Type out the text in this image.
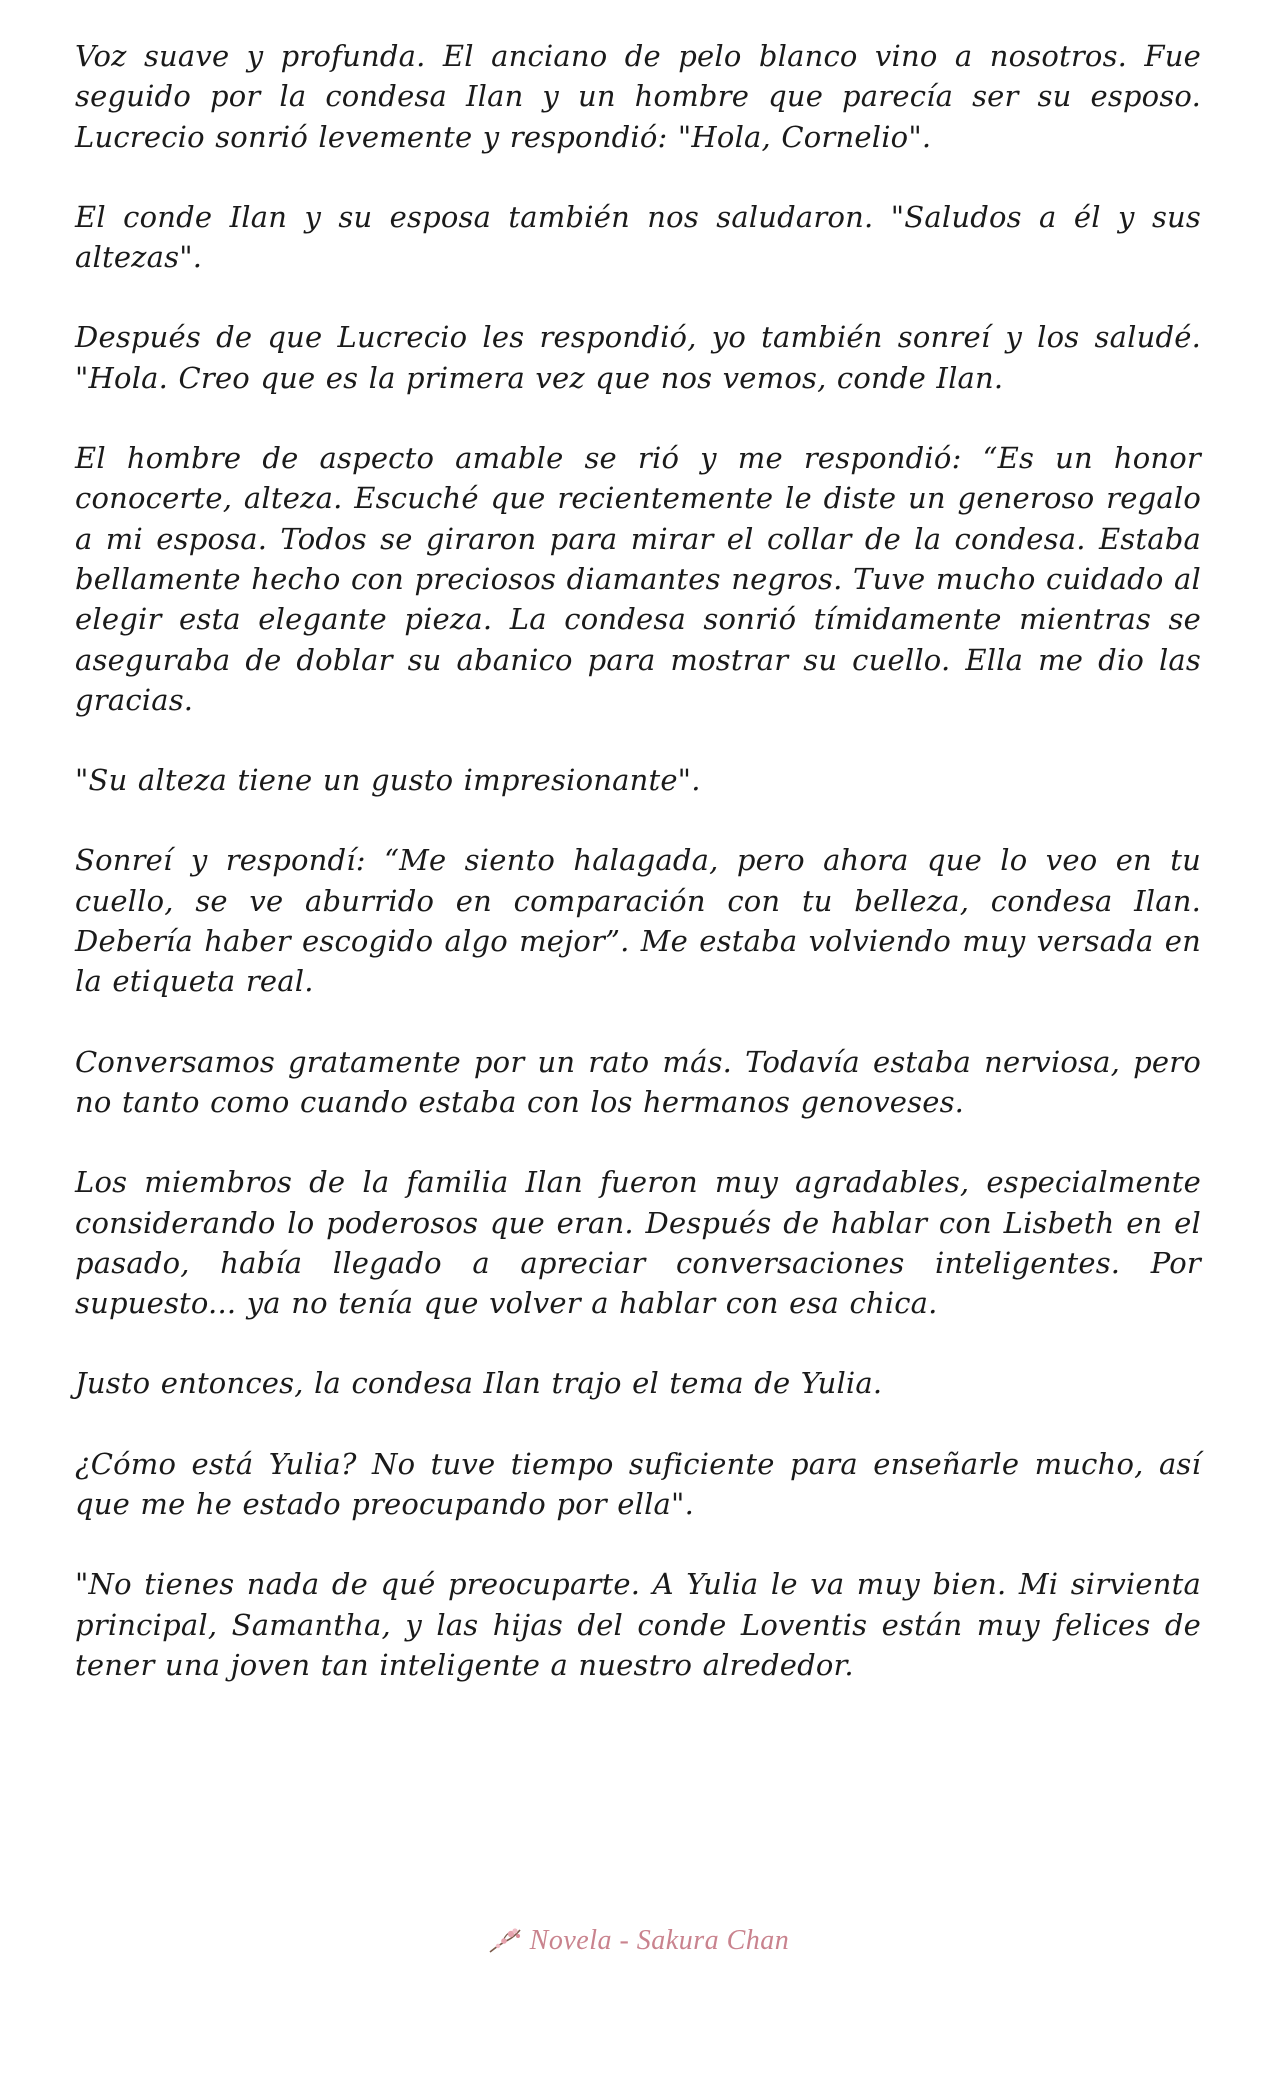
Voz suave y profunda. El anciano de pelo blanco vino a nosotros. Fue seguido por la condesa Ilan y un hombre que parecía ser su esposo. Lucrecio sonrió levemente y respondió: "Hola, Cornelio".

El conde Ilan y su esposa también nos saludaron. "Saludos a él y sus altezas".

Después de que Lucrecio les respondió, yo también sonreí y los saludé. "Hola. Creo que es la primera vez que nos vemos, conde Ilan.

El hombre de aspecto amable se rió y me respondió: “Es un honor conocerte, alteza. Escuché que recientemente le diste un generoso regalo a mi esposa. Todos se giraron para mirar el collar de la condesa. Estaba bellamente hecho con preciosos diamantes negros. Tuve mucho cuidado al elegir esta elegante pieza. La condesa sonrió tímidamente mientras se aseguraba de doblar su abanico para mostrar su cuello. Ella me dio las gracias.

"Su alteza tiene un gusto impresionante".

Sonreí y respondí: “Me siento halagada, pero ahora que lo veo en tu cuello, se ve aburrido en comparación con tu belleza, condesa Ilan. Debería haber escogido algo mejor”. Me estaba volviendo muy versada en la etiqueta real.

Conversamos gratamente por un rato más. Todavía estaba nerviosa, pero no tanto como cuando estaba con los hermanos genoveses.

Los miembros de la familia Ilan fueron muy agradables, especialmente considerando lo poderosos que eran. Después de hablar con Lisbeth en el pasado, había llegado a apreciar conversaciones inteligentes. Por supuesto... ya no tenía que volver a hablar con esa chica.

Justo entonces, la condesa Ilan trajo el tema de Yulia.

¿Cómo está Yulia? No tuve tiempo suficiente para enseñarle mucho, así que me he estado preocupando por ella".

"No tienes nada de qué preocuparte. A Yulia le va muy bien. Mi sirvienta principal, Samantha, y las hijas del conde Loventis están muy felices de tener una joven tan inteligente a nuestro alrededor.

Novela - Sakura Chan
